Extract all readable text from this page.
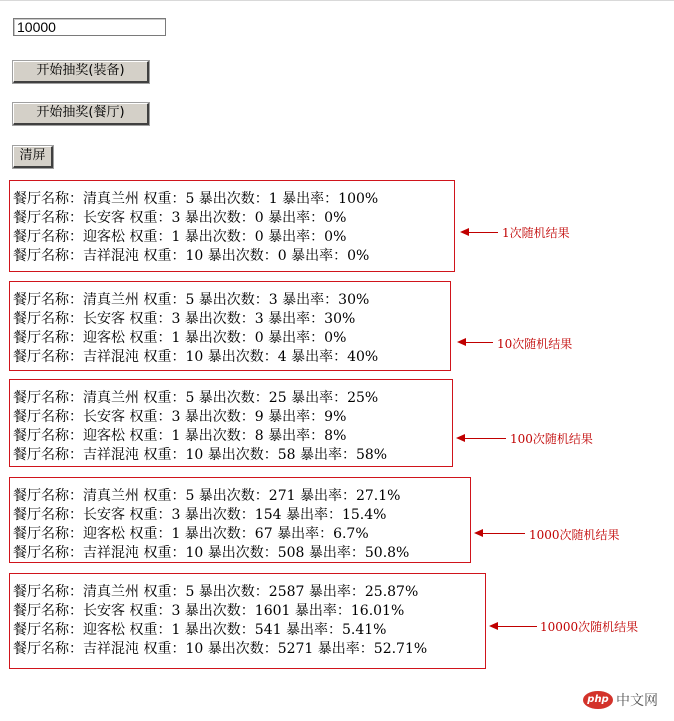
10000
开始抽奖(装备)
开始抽奖(餐厅)
清屏
餐厅名称：清真兰州 权重：5 暴出次数：1 暴出率：100%
餐厅名称：长安客 权重：3 暴出次数：0 暴出率：0%
餐厅名称：迎客松 权重：1 暴出次数：0 暴出率：0%
餐厅名称：吉祥混沌 权重：10 暴出次数：0 暴出率：0%
1次随机结果
餐厅名称：清真兰州 权重：5 暴出次数：3 暴出率：30%
餐厅名称：长安客 权重：3 暴出次数：3 暴出率：30%
餐厅名称：迎客松 权重：1 暴出次数：0 暴出率：0%
餐厅名称：吉祥混沌 权重：10 暴出次数：4 暴出率：40%
10次随机结果
餐厅名称：清真兰州 权重：5 暴出次数：25 暴出率：25%
餐厅名称：长安客 权重：3 暴出次数：9 暴出率：9%
餐厅名称：迎客松 权重：1 暴出次数：8 暴出率：8%
餐厅名称：吉祥混沌 权重：10 暴出次数：58 暴出率：58%
100次随机结果
餐厅名称：清真兰州 权重：5 暴出次数：271 暴出率：27.1%
餐厅名称：长安客 权重：3 暴出次数：154 暴出率：15.4%
餐厅名称：迎客松 权重：1 暴出次数：67 暴出率：6.7%
餐厅名称：吉祥混沌 权重：10 暴出次数：508 暴出率：50.8%
1000次随机结果
餐厅名称：清真兰州 权重：5 暴出次数：2587 暴出率：25.87%
餐厅名称：长安客 权重：3 暴出次数：1601 暴出率：16.01%
餐厅名称：迎客松 权重：1 暴出次数：541 暴出率：5.41%
餐厅名称：吉祥混沌 权重：10 暴出次数：5271 暴出率：52.71%
10000次随机结果
php 中文网
